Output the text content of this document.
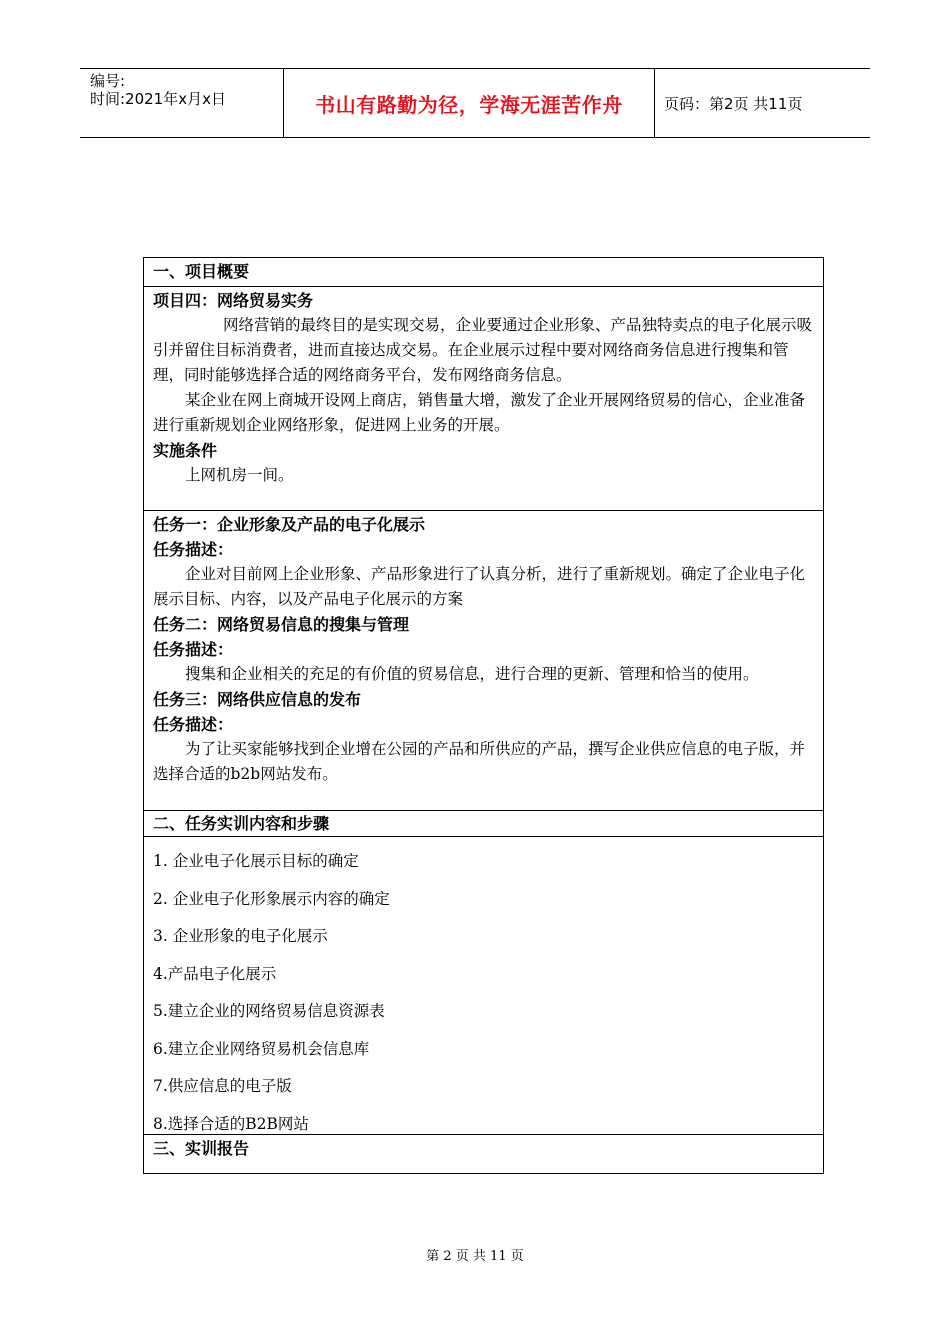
编号:
时间:2021年x月x日	书山有路勤为径，学海无涯苦作舟	页码：第2页 共11页
一、项目概要
项目四：网络贸易实务
网络营销的最终目的是实现交易，企业要通过企业形象、产品独特卖点的电子化展示吸引并留住目标消费者，进而直接达成交易。在企业展示过程中要对网络商务信息进行搜集和管理，同时能够选择合适的网络商务平台，发布网络商务信息。
某企业在网上商城开设网上商店，销售量大增，激发了企业开展网络贸易的信心，企业准备进行重新规划企业网络形象，促进网上业务的开展。
实施条件
上网机房一间。
任务一：企业形象及产品的电子化展示
任务描述：
企业对目前网上企业形象、产品形象进行了认真分析，进行了重新规划。确定了企业电子化展示目标、内容，以及产品电子化展示的方案
任务二：网络贸易信息的搜集与管理
任务描述：
搜集和企业相关的充足的有价值的贸易信息，进行合理的更新、管理和恰当的使用。
任务三：网络供应信息的发布
任务描述：
为了让买家能够找到企业增在公园的产品和所供应的产品，撰写企业供应信息的电子版，并选择合适的b2b网站发布。
二、任务实训内容和步骤
1. 企业电子化展示目标的确定
2. 企业电子化形象展示内容的确定
3. 企业形象的电子化展示
4.产品电子化展示
5.建立企业的网络贸易信息资源表
6.建立企业网络贸易机会信息库
7.供应信息的电子版
8.选择合适的B2B网站
三、实训报告
第 2 页 共 11 页
